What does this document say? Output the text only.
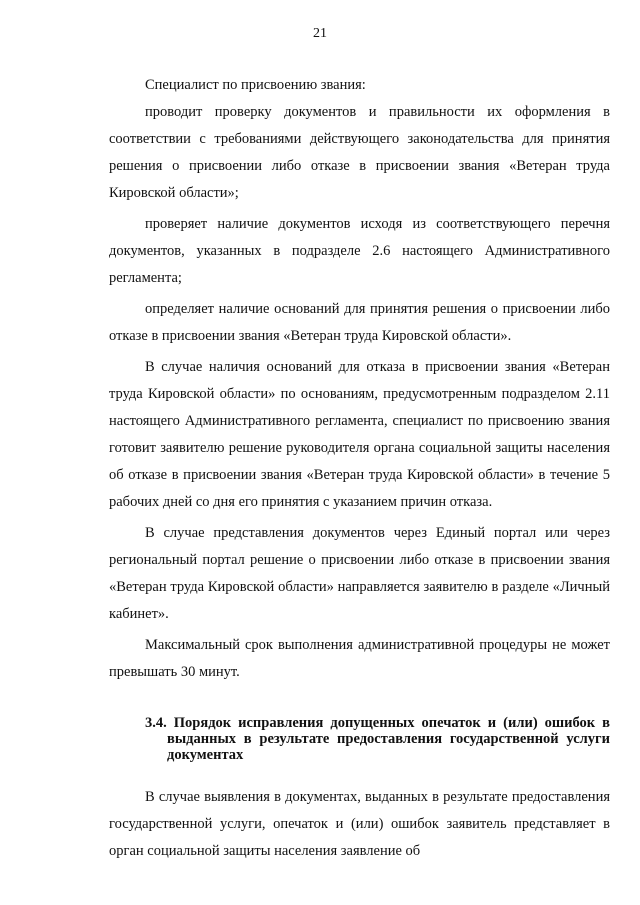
21

Специалист по присвоению звания:

проводит проверку документов и правильности их оформления в соответствии с требованиями действующего законодательства для принятия решения о присвоении либо отказе в присвоении звания «Ветеран труда Кировской области»;

проверяет наличие документов исходя из соответствующего перечня документов, указанных в подразделе 2.6 настоящего Административного регламента;

определяет наличие оснований для принятия решения о присвоении либо отказе в присвоении звания «Ветеран труда Кировской области».

В случае наличия оснований для отказа в присвоении звания «Ветеран труда Кировской области» по основаниям, предусмотренным подразделом 2.11 настоящего Административного регламента, специалист по присвоению звания готовит заявителю решение руководителя органа социальной защиты населения об отказе в присвоении звания «Ветеран труда Кировской области» в течение 5 рабочих дней со дня его принятия с указанием причин отказа.

В случае представления документов через Единый портал или через региональный портал решение о присвоении либо отказе в присвоении звания «Ветеран труда Кировской области» направляется заявителю в разделе «Личный кабинет».

Максимальный срок выполнения административной процедуры не может превышать 30 минут.

3.4. Порядок исправления допущенных опечаток и (или) ошибок в выданных в результате предоставления государственной услуги документах

В случае выявления в документах, выданных в результате предоставления государственной услуги, опечаток и (или) ошибок заявитель представляет в орган социальной защиты населения заявление об
